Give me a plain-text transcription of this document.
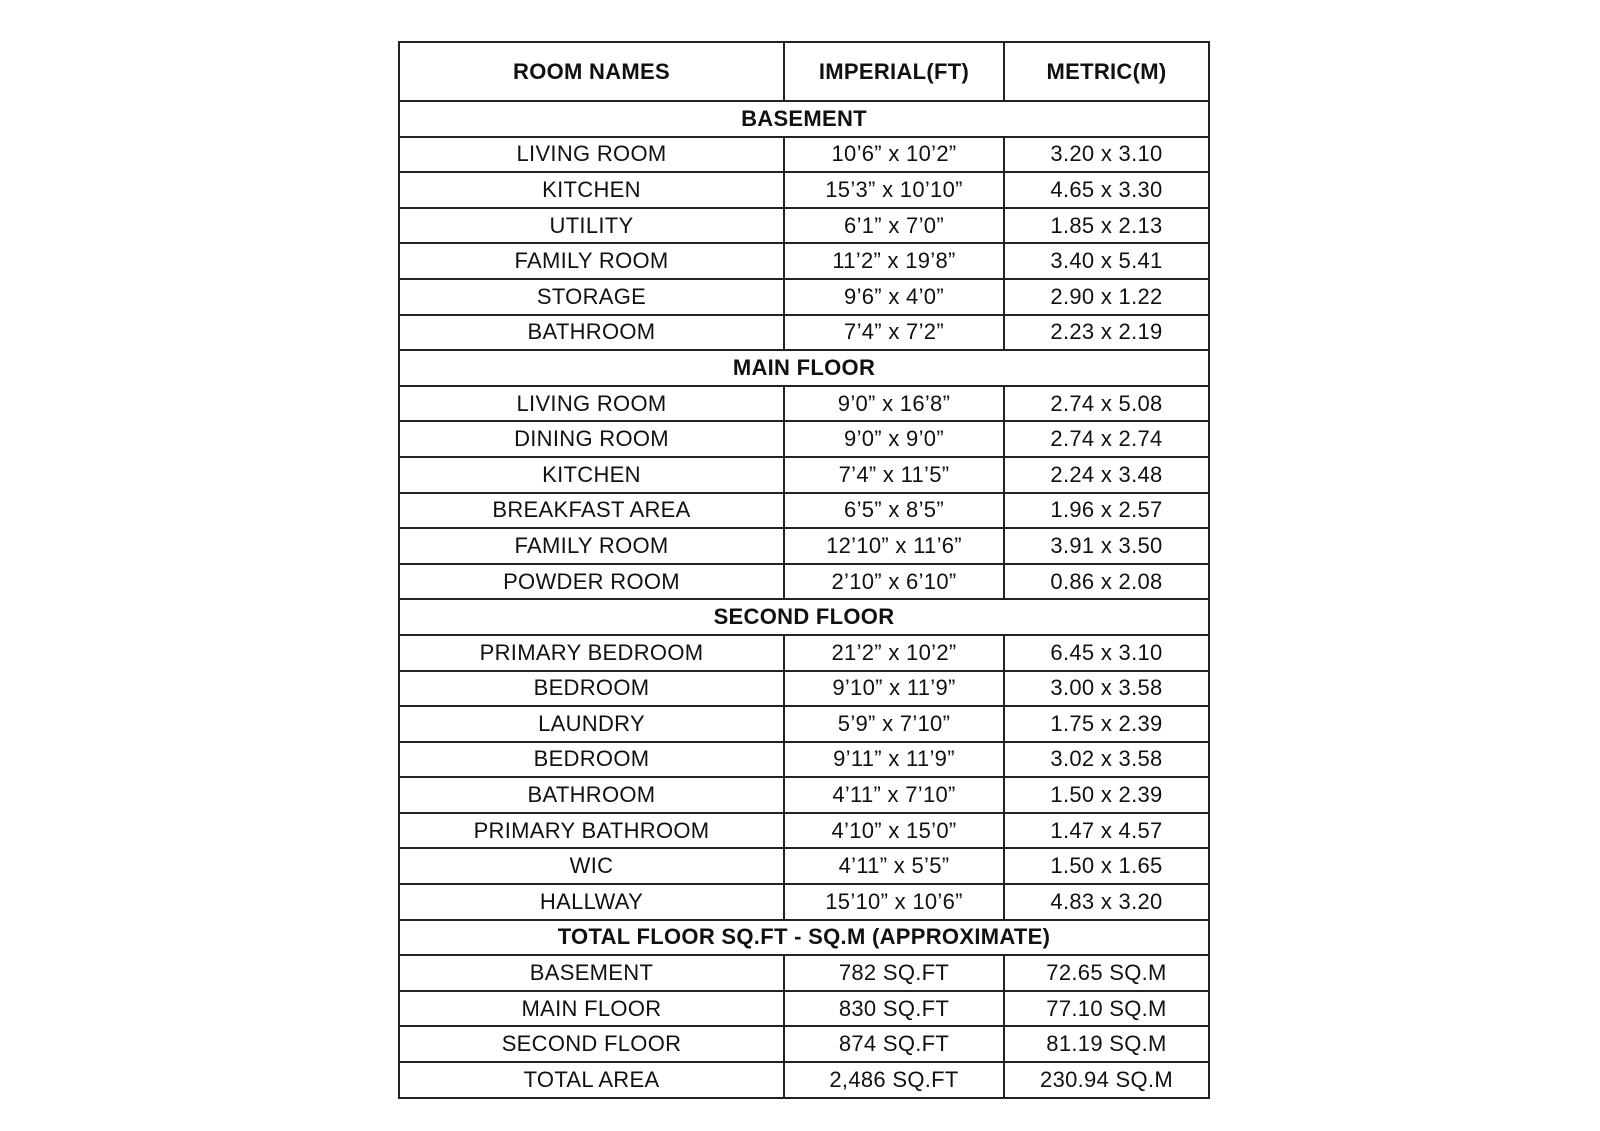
ROOM NAMES	IMPERIAL(FT)	METRIC(M)
BASEMENT		
LIVING ROOM	10’6” x 10’2”	3.20 x 3.10
KITCHEN	15’3” x 10’10”	4.65 x 3.30
UTILITY	6’1” x 7’0”	1.85 x 2.13
FAMILY ROOM	11’2” x 19’8”	3.40 x 5.41
STORAGE	9’6” x 4’0”	2.90 x 1.22
BATHROOM	7’4” x 7’2”	2.23 x 2.19
MAIN FLOOR		
LIVING ROOM	9’0” x 16’8”	2.74 x 5.08
DINING ROOM	9’0” x 9’0”	2.74 x 2.74
KITCHEN	7’4” x 11’5”	2.24 x 3.48
BREAKFAST AREA	6’5” x 8’5”	1.96 x 2.57
FAMILY ROOM	12’10” x 11’6”	3.91 x 3.50
POWDER ROOM	2’10” x 6’10”	0.86 x 2.08
SECOND FLOOR		
PRIMARY BEDROOM	21’2” x 10’2”	6.45 x 3.10
BEDROOM	9’10” x 11’9”	3.00 x 3.58
LAUNDRY	5’9” x 7’10”	1.75 x 2.39
BEDROOM	9’11” x 11’9”	3.02 x 3.58
BATHROOM	4’11” x 7’10”	1.50 x 2.39
PRIMARY BATHROOM	4’10” x 15’0”	1.47 x 4.57
WIC	4’11” x 5’5”	1.50 x 1.65
HALLWAY	15’10” x 10’6”	4.83 x 3.20
TOTAL FLOOR SQ.FT - SQ.M (APPROXIMATE)		
BASEMENT	782 SQ.FT	72.65 SQ.M
MAIN FLOOR	830 SQ.FT	77.10 SQ.M
SECOND FLOOR	874 SQ.FT	81.19 SQ.M
TOTAL AREA	2,486 SQ.FT	230.94 SQ.M
